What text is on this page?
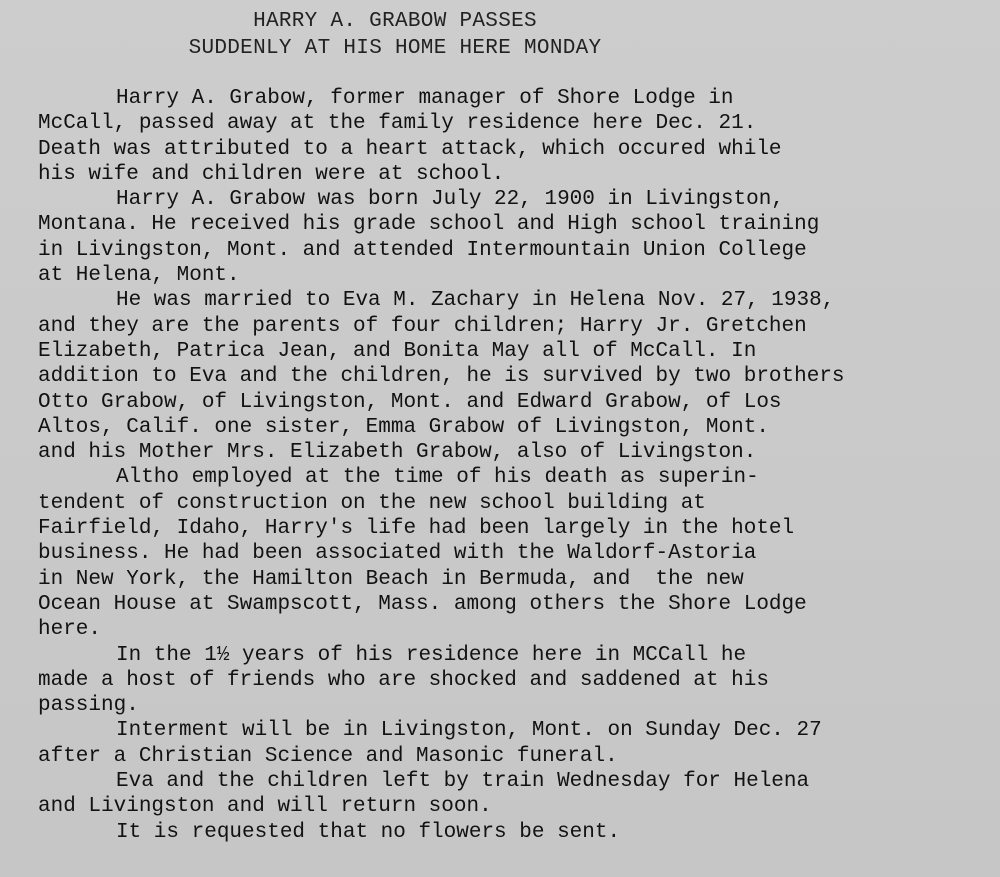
HARRY A. GRABOW PASSES
SUDDENLY AT HIS HOME HERE MONDAY
Harry A. Grabow, former manager of Shore Lodge in
McCall, passed away at the family residence here Dec. 21.
Death was attributed to a heart attack, which occured while
his wife and children were at school.
Harry A. Grabow was born July 22, 1900 in Livingston,
Montana. He received his grade school and High school training
in Livingston, Mont. and attended Intermountain Union College
at Helena, Mont.
He was married to Eva M. Zachary in Helena Nov. 27, 1938,
and they are the parents of four children; Harry Jr. Gretchen
Elizabeth, Patrica Jean, and Bonita May all of McCall. In
addition to Eva and the children, he is survived by two brothers
Otto Grabow, of Livingston, Mont. and Edward Grabow, of Los
Altos, Calif. one sister, Emma Grabow of Livingston, Mont.
and his Mother Mrs. Elizabeth Grabow, also of Livingston.
Altho employed at the time of his death as superin-
tendent of construction on the new school building at
Fairfield, Idaho, Harry's life had been largely in the hotel
business. He had been associated with the Waldorf-Astoria
in New York, the Hamilton Beach in Bermuda, and  the new
Ocean House at Swampscott, Mass. among others the Shore Lodge
here.
In the 1½ years of his residence here in MCCall he
made a host of friends who are shocked and saddened at his
passing.
Interment will be in Livingston, Mont. on Sunday Dec. 27
after a Christian Science and Masonic funeral.
Eva and the children left by train Wednesday for Helena
and Livingston and will return soon.
It is requested that no flowers be sent.
